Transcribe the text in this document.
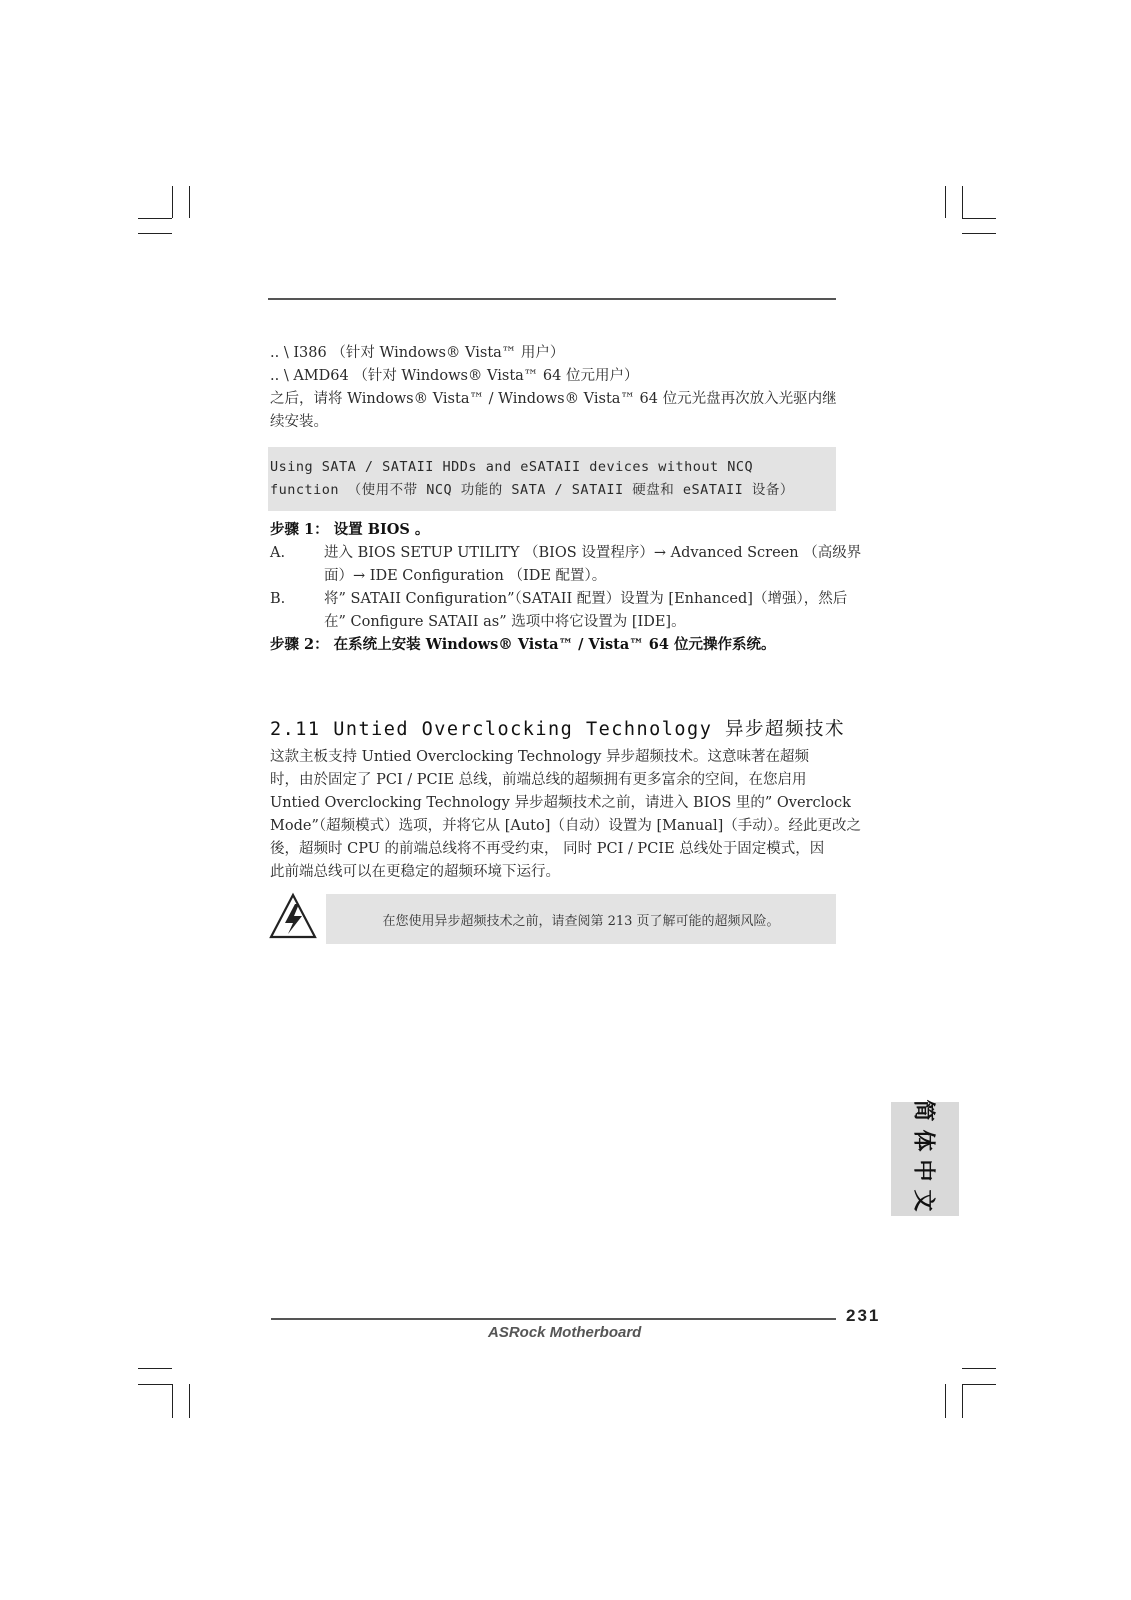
.. \ I386 （针对 Windows® Vista™ 用户）
.. \ AMD64 （针对 Windows® Vista™ 64 位元用户）
之后，请将 Windows® Vista™ / Windows® Vista™ 64 位元光盘再次放入光驱内继
续安装。
Using SATA / SATAII HDDs and eSATAII devices without NCQ
function （使用不带 NCQ 功能的 SATA / SATAII 硬盘和 eSATAII 设备）
步骤 1： 设置 BIOS 。
A.	进入 BIOS SETUP UTILITY （BIOS 设置程序）→ Advanced Screen （高级界
面）→ IDE Configuration （IDE 配置）。
B.	将” SATAII Configuration”（SATAII 配置）设置为 [Enhanced]（增强），然后
在” Configure SATAII as” 选项中将它设置为 [IDE]。
步骤 2： 在系统上安装 Windows® Vista™ / Vista™ 64 位元操作系统。
2.11 Untied Overclocking Technology 异步超频技术
这款主板支持 Untied Overclocking Technology 异步超频技术。这意味著在超频
时，由於固定了 PCI / PCIE 总线，前端总线的超频拥有更多富余的空间，在您启用
Untied Overclocking Technology 异步超频技术之前，请进入 BIOS 里的” Overclock
Mode”（超频模式）选项，并将它从 [Auto]（自动）设置为 [Manual]（手动）。经此更改之
後，超频时 CPU 的前端总线将不再受约束， 同时 PCI / PCIE 总线处于固定模式，因
此前端总线可以在更稳定的超频环境下运行。
在您使用异步超频技术之前，请查阅第 213 页了解可能的超频风险。
简体中文
231
ASRock Motherboard
